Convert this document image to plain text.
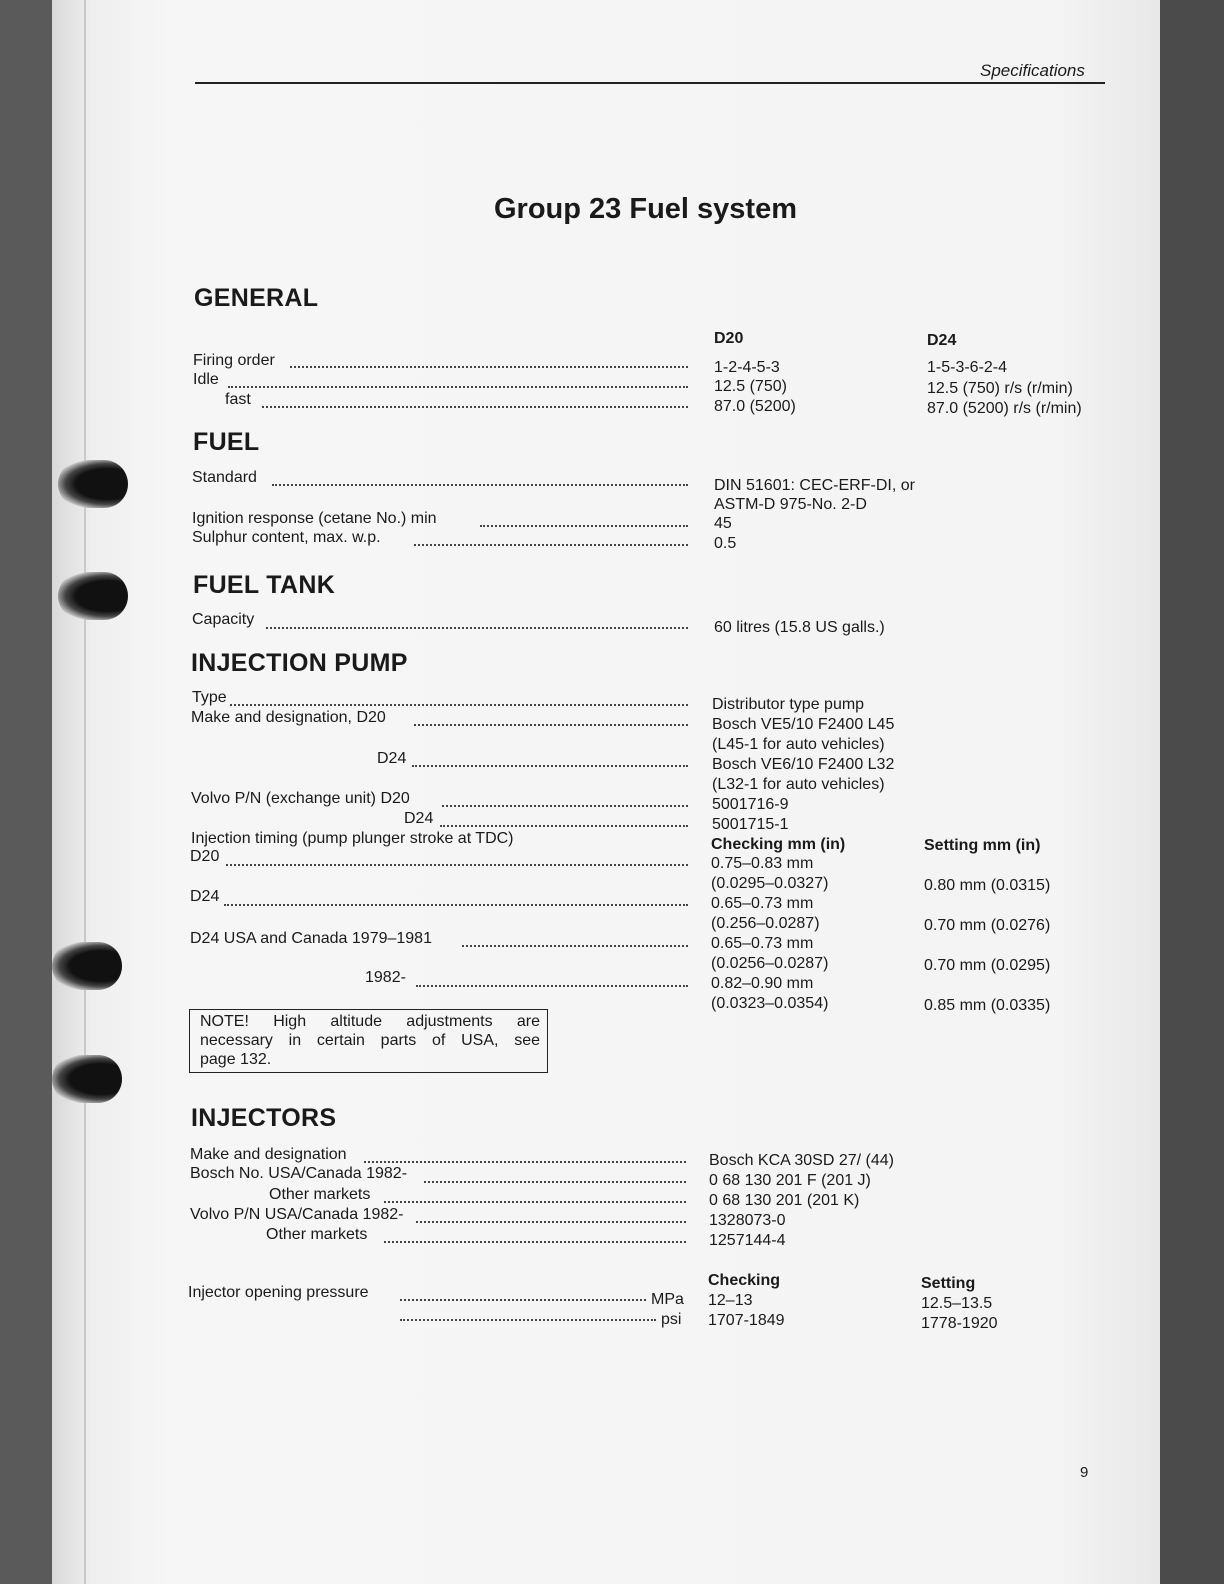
Specifications
Group 23 Fuel system
GENERAL
D20	D24
Firing order	1-2-4-5-3	1-5-3-6-2-4
Idle	12.5 (750)	12.5 (750) r/s (r/min)
fast	87.0 (5200)	87.0 (5200) r/s (r/min)
FUEL
Standard	DIN 51601: CEC-ERF-DI, or
ASTM-D 975-No. 2-D
Ignition response (cetane No.) min	45
Sulphur content, max. w.p.	0.5
FUEL TANK
Capacity	60 litres (15.8 US galls.)
INJECTION PUMP
Type	Distributor type pump
Make and designation, D20	Bosch VE5/10 F2400 L45
(L45-1 for auto vehicles)
D24	Bosch VE6/10 F2400 L32
(L32-1 for auto vehicles)
Volvo P/N (exchange unit) D20	5001716-9
D24	5001715-1
Injection timing (pump plunger stroke at TDC)	Checking mm (in)	Setting mm (in)
D20	0.75–0.83 mm
(0.0295–0.0327)	0.80 mm (0.0315)
D24	0.65–0.73 mm
(0.256–0.0287)	0.70 mm (0.0276)
D24 USA and Canada 1979–1981	0.65–0.73 mm
(0.0256–0.0287)	0.70 mm (0.0295)
1982-	0.82–0.90 mm
(0.0323–0.0354)	0.85 mm (0.0335)
NOTE! High altitude adjustments are
necessary in certain parts of USA, see
page 132.
INJECTORS
Make and designation	Bosch KCA 30SD 27/ (44)
Bosch No. USA/Canada 1982-	0 68 130 201 F (201 J)
Other markets	0 68 130 201 (201 K)
Volvo P/N USA/Canada 1982-	1328073-0
Other markets	1257144-4
Checking	Setting
Injector opening pressure	MPa 12–13	12.5–13.5
psi 1707-1849	1778-1920
9
